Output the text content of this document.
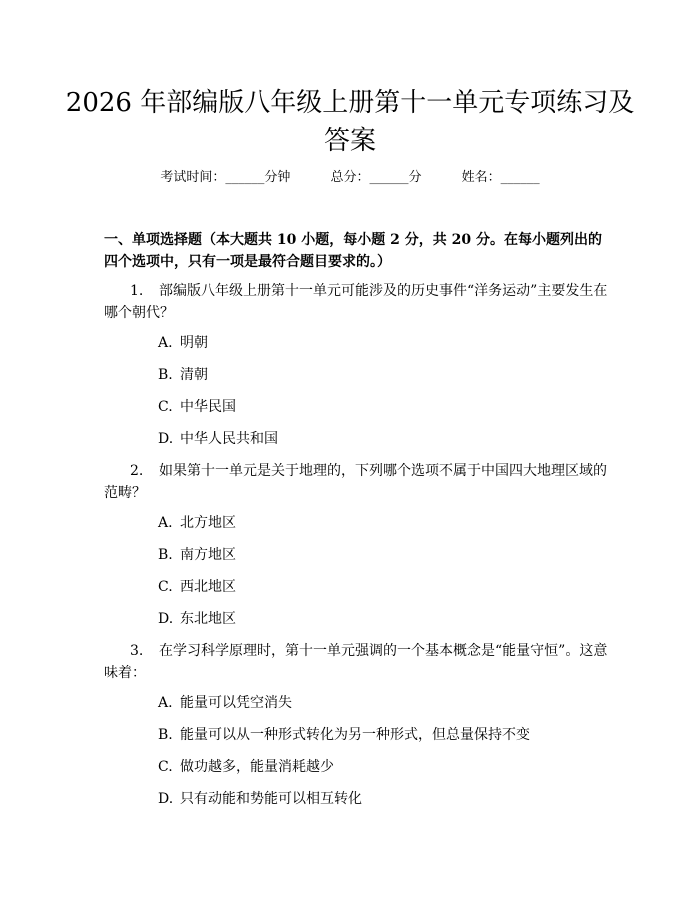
2026 年部编版八年级上册第十一单元专项练习及答案
考试时间：______分钟	总分：______分	姓名：______

一、单项选择题（本大题共 10 小题，每小题 2 分，共 20 分。在每小题列出的四个选项中，只有一项是最符合题目要求的。）

1. 部编版八年级上册第十一单元可能涉及的历史事件“洋务运动”主要发生在哪个朝代？

A. 明朝
B. 清朝
C. 中华民国
D. 中华人民共和国

2. 如果第十一单元是关于地理的，下列哪个选项不属于中国四大地理区域的范畴？

A. 北方地区
B. 南方地区
C. 西北地区
D. 东北地区

3. 在学习科学原理时，第十一单元强调的一个基本概念是“能量守恒”。这意味着：

A. 能量可以凭空消失
B. 能量可以从一种形式转化为另一种形式，但总量保持不变
C. 做功越多，能量消耗越少
D. 只有动能和势能可以相互转化
